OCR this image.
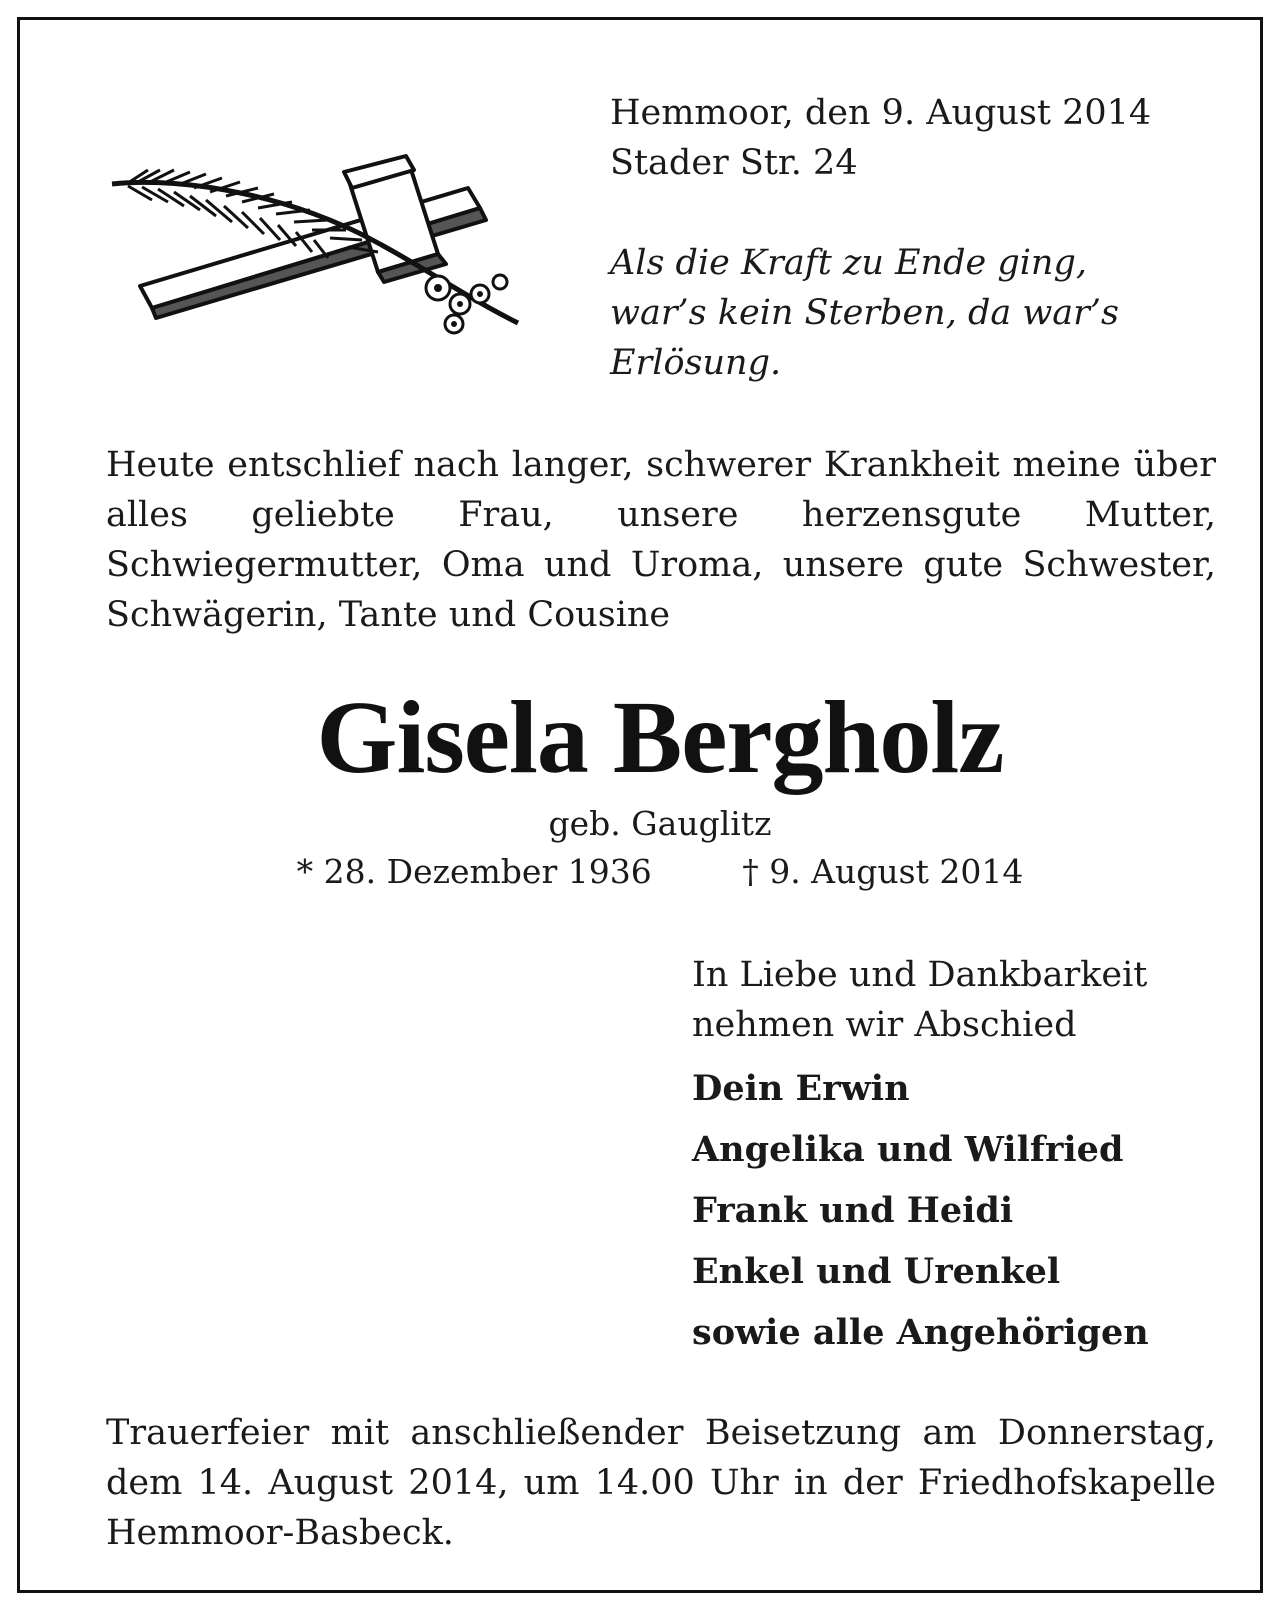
Hemmoor, den 9. August 2014
Stader Str. 24
Als die Kraft zu Ende ging,
war’s kein Sterben, da war’s
Erlösung.
Heute entschlief nach langer, schwerer Krankheit meine über alles geliebte Frau, unsere herzensgute Mutter, Schwiegermutter, Oma und Uroma, unsere gute Schwester, Schwägerin, Tante und Cousine
Gisela Bergholz
geb. Gauglitz
* 28. Dezember 1936	† 9. August 2014
In Liebe und Dankbarkeit
nehmen wir Abschied
Dein Erwin
Angelika und Wilfried
Frank und Heidi
Enkel und Urenkel
sowie alle Angehörigen
Trauerfeier mit anschließender Beisetzung am Donnerstag, dem 14. August 2014, um 14.00 Uhr in der Friedhofskapelle Hemmoor-Basbeck.
